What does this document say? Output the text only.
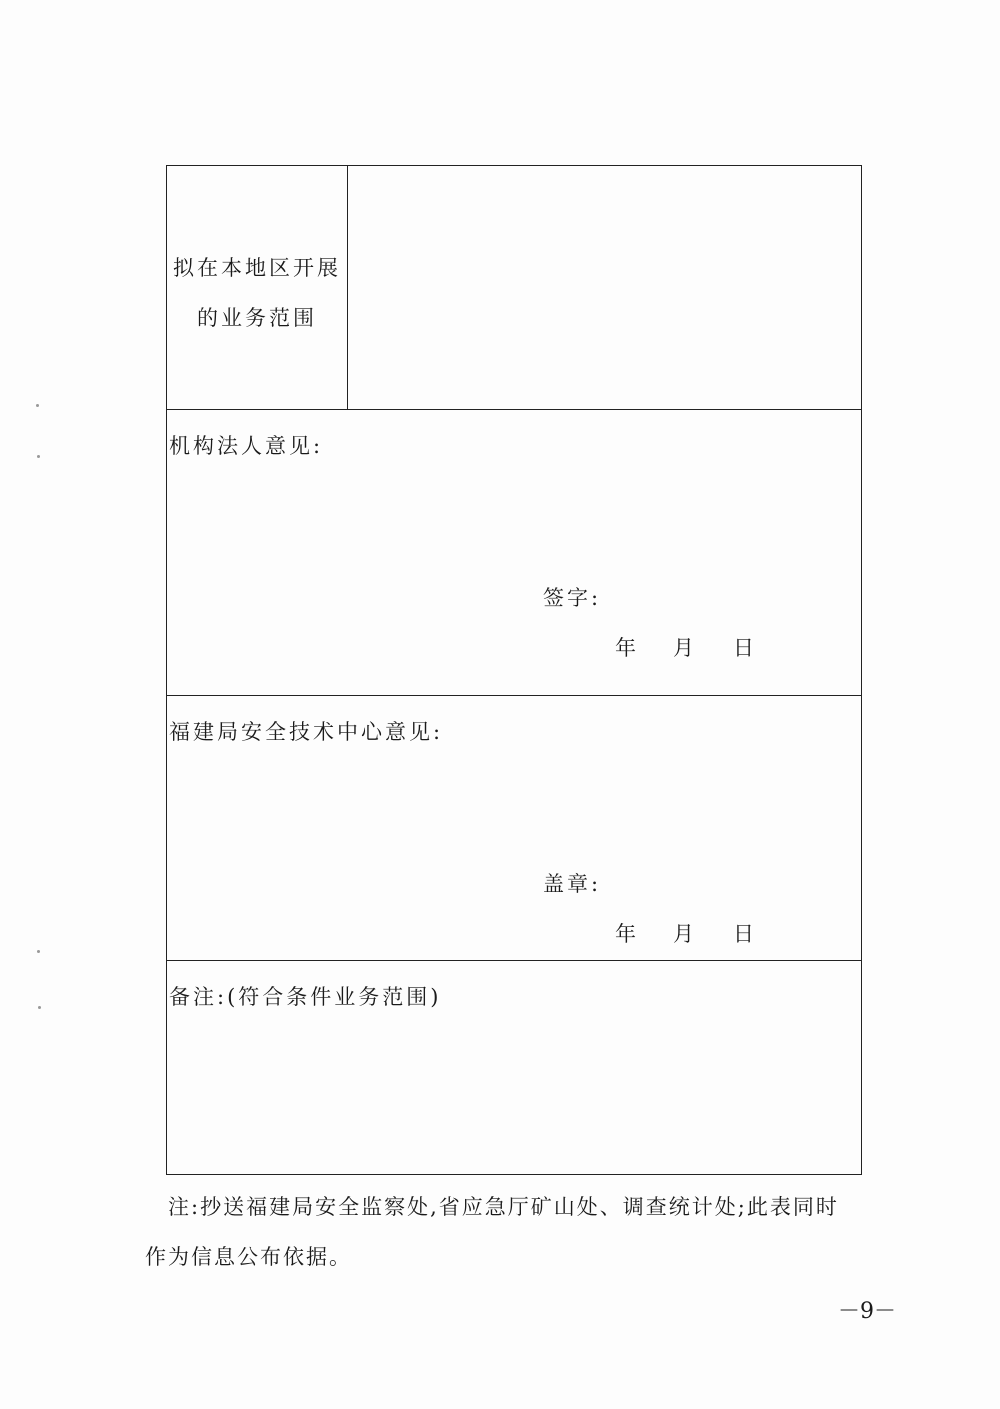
拟在本地区开展
的业务范围
机构法人意见:
签字:
年 月 日
福建局安全技术中心意见:
盖章:
年 月 日
备注:(符合条件业务范围)
注:抄送福建局安全监察处,省应急厅矿山处、调查统计处;此表同时
作为信息公布依据。
－9－
